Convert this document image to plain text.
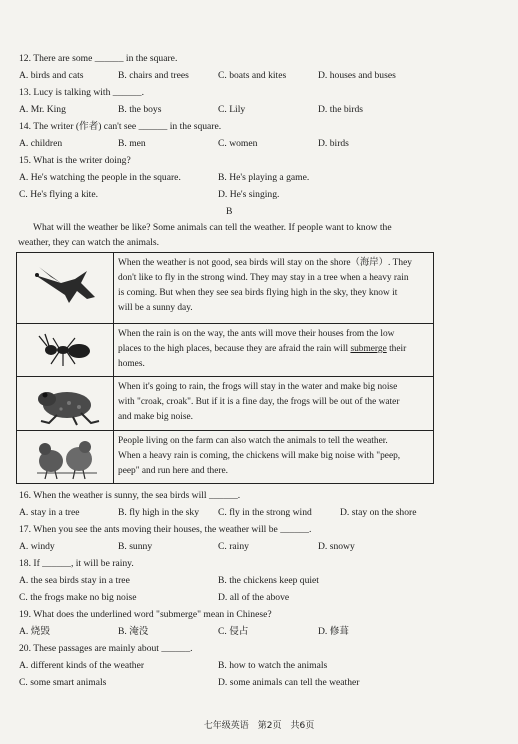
12. There are some ______ in the square.
A. birds and cats	B. chairs and trees	C. boats and kites	D. houses and buses
13. Lucy is talking with ______.
A. Mr. King	B. the boys	C. Lily	D. the birds
14. The writer (作者) can't see ______ in the square.
A. children	B. men	C. women	D. birds
15. What is the writer doing?
A. He's watching the people in the square.	B. He's playing a game.
C. He's flying a kite.	D. He's singing.
B
What will the weather be like? Some animals can tell the weather. If people want to know the
weather, they can watch the animals.
When the weather is not good, sea birds will stay on the shore（海岸）. They
don't like to fly in the strong wind. They may stay in a tree when a heavy rain
is coming. But when they see sea birds flying high in the sky, they know it
will be a sunny day.
When the rain is on the way, the ants will move their houses from the low
places to the high places, because they are afraid the rain will submerge their
homes.
When it's going to rain, the frogs will stay in the water and make big noise
with "croak, croak". But if it is a fine day, the frogs will be out of the water
and make big noise.
People living on the farm can also watch the animals to tell the weather.
When a heavy rain is coming, the chickens will make big noise with "peep,
peep" and run here and there.
16. When the weather is sunny, the sea birds will ______.
A. stay in a tree	B. fly high in the sky C. fly in the strong wind	D. stay on the shore
17. When you see the ants moving their houses, the weather will be ______.
A. windy	B. sunny	C. rainy	D. snowy
18. If ______, it will be rainy.
A. the sea birds stay in a tree	B. the chickens keep quiet
C. the frogs make no big noise	D. all of the above
19. What does the underlined word "submerge" mean in Chinese?
A. 烧毁	B. 淹没	C. 侵占	D. 修葺
20. These passages are mainly about ______.
A. different kinds of the weather	B. how to watch the animals
C. some smart animals	D. some animals can tell the weather
七年级英语　第2页　共6页
